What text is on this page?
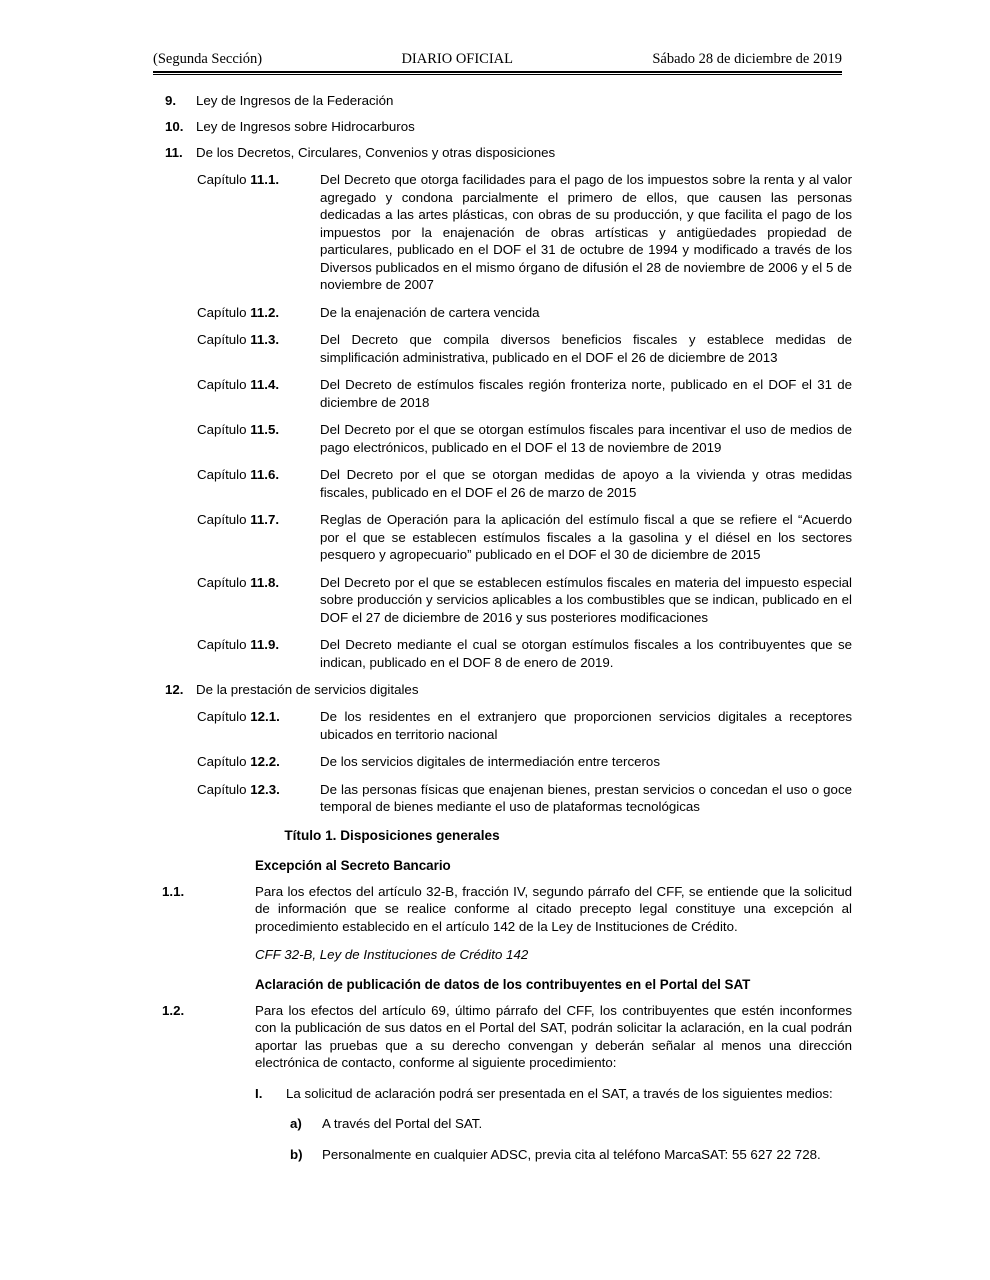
(Segunda Sección)	DIARIO OFICIAL	Sábado 28 de diciembre de 2019
9.	Ley de Ingresos de la Federación
10. Ley de Ingresos sobre Hidrocarburos
11. De los Decretos, Circulares, Convenios y otras disposiciones
Capítulo 11.1.	Del Decreto que otorga facilidades para el pago de los impuestos sobre la renta y al valor agregado y condona parcialmente el primero de ellos, que causen las personas dedicadas a las artes plásticas, con obras de su producción, y que facilita el pago de los impuestos por la enajenación de obras artísticas y antigüedades propiedad de particulares, publicado en el DOF el 31 de octubre de 1994 y modificado a través de los Diversos publicados en el mismo órgano de difusión el 28 de noviembre de 2006 y el 5 de noviembre de 2007
Capítulo 11.2.	De la enajenación de cartera vencida
Capítulo 11.3.	Del Decreto que compila diversos beneficios fiscales y establece medidas de simplificación administrativa, publicado en el DOF el 26 de diciembre de 2013
Capítulo 11.4.	Del Decreto de estímulos fiscales región fronteriza norte, publicado en el DOF el 31 de diciembre de 2018
Capítulo 11.5.	Del Decreto por el que se otorgan estímulos fiscales para incentivar el uso de medios de pago electrónicos, publicado en el DOF el 13 de noviembre de 2019
Capítulo 11.6.	Del Decreto por el que se otorgan medidas de apoyo a la vivienda y otras medidas fiscales, publicado en el DOF el 26 de marzo de 2015
Capítulo 11.7.	Reglas de Operación para la aplicación del estímulo fiscal a que se refiere el “Acuerdo por el que se establecen estímulos fiscales a la gasolina y el diésel en los sectores pesquero y agropecuario” publicado en el DOF el 30 de diciembre de 2015
Capítulo 11.8.	Del Decreto por el que se establecen estímulos fiscales en materia del impuesto especial sobre producción y servicios aplicables a los combustibles que se indican, publicado en el DOF el 27 de diciembre de 2016 y sus posteriores modificaciones
Capítulo 11.9.	Del Decreto mediante el cual se otorgan estímulos fiscales a los contribuyentes que se indican, publicado en el DOF 8 de enero de 2019.
12. De la prestación de servicios digitales
Capítulo 12.1.	De los residentes en el extranjero que proporcionen servicios digitales a receptores ubicados en territorio nacional
Capítulo 12.2.	De los servicios digitales de intermediación entre terceros
Capítulo 12.3.	De las personas físicas que enajenan bienes, prestan servicios o concedan el uso o goce temporal de bienes mediante el uso de plataformas tecnológicas
Título 1. Disposiciones generales
Excepción al Secreto Bancario
1.1.	Para los efectos del artículo 32-B, fracción IV, segundo párrafo del CFF, se entiende que la solicitud de información que se realice conforme al citado precepto legal constituye una excepción al procedimiento establecido en el artículo 142 de la Ley de Instituciones de Crédito.
CFF 32-B, Ley de Instituciones de Crédito 142
Aclaración de publicación de datos de los contribuyentes en el Portal del SAT
1.2.	Para los efectos del artículo 69, último párrafo del CFF, los contribuyentes que estén inconformes con la publicación de sus datos en el Portal del SAT, podrán solicitar la aclaración, en la cual podrán aportar las pruebas que a su derecho convengan y deberán señalar al menos una dirección electrónica de contacto, conforme al siguiente procedimiento:
I.	La solicitud de aclaración podrá ser presentada en el SAT, a través de los siguientes medios:
a)	A través del Portal del SAT.
b)	Personalmente en cualquier ADSC, previa cita al teléfono MarcaSAT: 55 627 22 728.
